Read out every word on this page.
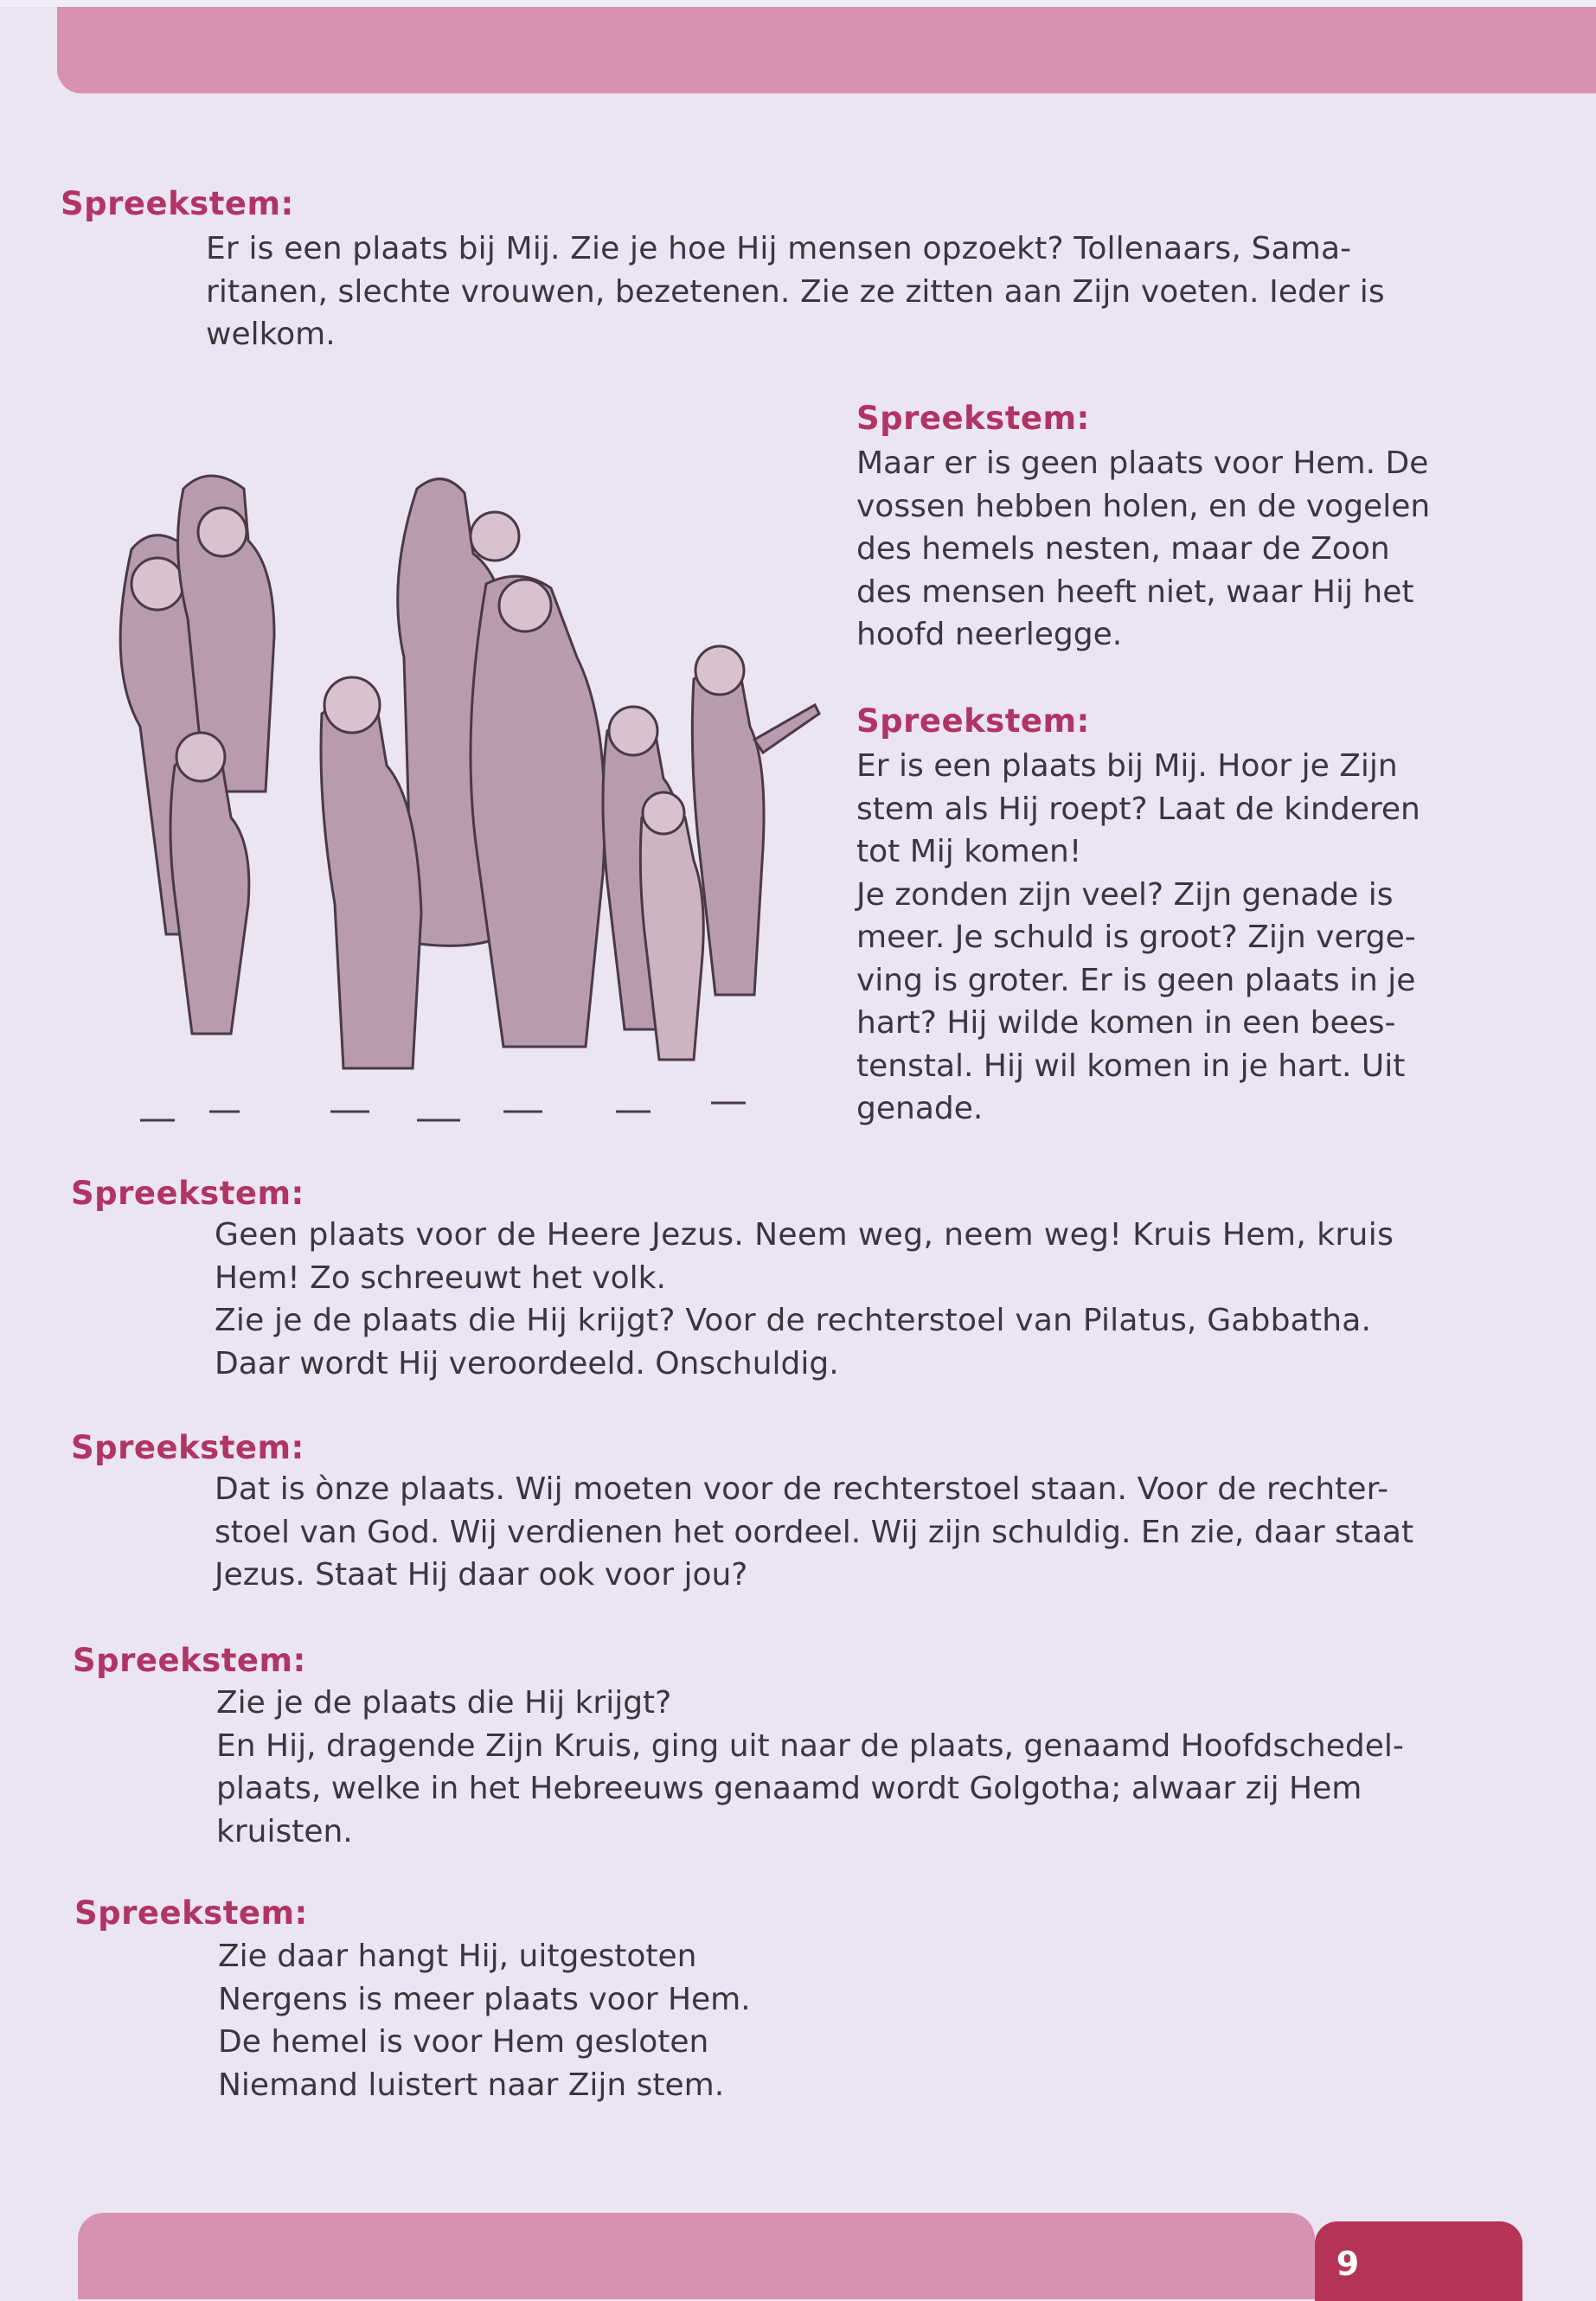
Spreekstem:
Er is een plaats bij Mij. Zie je hoe Hij mensen opzoekt? Tollenaars, Sama-
ritanen, slechte vrouwen, bezetenen. Zie ze zitten aan Zijn voeten. Ieder is
welkom.
Spreekstem:
Maar er is geen plaats voor Hem. De
vossen hebben holen, en de vogelen
des hemels nesten, maar de Zoon
des mensen heeft niet, waar Hij het
hoofd neerlegge.
Spreekstem:
Er is een plaats bij Mij. Hoor je Zijn
stem als Hij roept? Laat de kinderen
tot Mij komen!
Je zonden zijn veel? Zijn genade is
meer. Je schuld is groot? Zijn verge-
ving is groter. Er is geen plaats in je
hart? Hij wilde komen in een bees-
tenstal. Hij wil komen in je hart. Uit
genade.
Spreekstem:
Geen plaats voor de Heere Jezus. Neem weg, neem weg! Kruis Hem, kruis
Hem! Zo schreeuwt het volk.
Zie je de plaats die Hij krijgt? Voor de rechterstoel van Pilatus, Gabbatha.
Daar wordt Hij veroordeeld. Onschuldig.
Spreekstem:
Dat is ònze plaats. Wij moeten voor de rechterstoel staan. Voor de rechter-
stoel van God. Wij verdienen het oordeel. Wij zijn schuldig. En zie, daar staat
Jezus. Staat Hij daar ook voor jou?
Spreekstem:
Zie je de plaats die Hij krijgt?
En Hij, dragende Zijn Kruis, ging uit naar de plaats, genaamd Hoofdschedel-
plaats, welke in het Hebreeuws genaamd wordt Golgotha; alwaar zij Hem
kruisten.
Spreekstem:
Zie daar hangt Hij, uitgestoten
Nergens is meer plaats voor Hem.
De hemel is voor Hem gesloten
Niemand luistert naar Zijn stem.
9
